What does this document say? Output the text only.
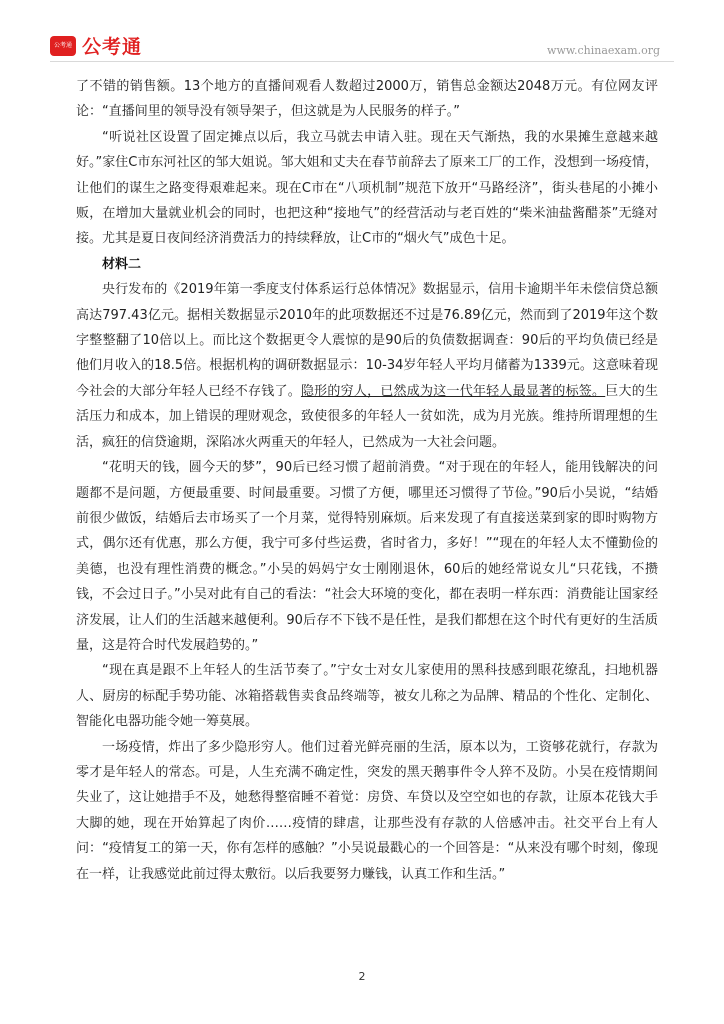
公考通 公考通	www.chinaexam.org

了不错的销售额。13个地方的直播间观看人数超过2000万，销售总金额达2048万元。有位网友评论：“直播间里的领导没有领导架子，但这就是为人民服务的样子。”

“听说社区设置了固定摊点以后，我立马就去申请入驻。现在天气渐热，我的水果摊生意越来越好。”家住C市东河社区的邹大姐说。邹大姐和丈夫在春节前辞去了原来工厂的工作，没想到一场疫情，让他们的谋生之路变得艰难起来。现在C市在“八项机制”规范下放开“马路经济”，街头巷尾的小摊小贩，在增加大量就业机会的同时，也把这种“接地气”的经营活动与老百姓的“柴米油盐酱醋茶”无缝对接。尤其是夏日夜间经济消费活力的持续释放，让C市的“烟火气”成色十足。

材料二

央行发布的《2019年第一季度支付体系运行总体情况》数据显示，信用卡逾期半年未偿信贷总额高达797.43亿元。据相关数据显示2010年的此项数据还不过是76.89亿元，然而到了2019年这个数字整整翻了10倍以上。而比这个数据更令人震惊的是90后的负债数据调查：90后的平均负债已经是他们月收入的18.5倍。根据机构的调研数据显示：10-34岁年轻人平均月储蓄为1339元。这意味着现今社会的大部分年轻人已经不存钱了。隐形的穷人，已然成为这一代年轻人最显著的标签。巨大的生活压力和成本，加上错误的理财观念，致使很多的年轻人一贫如洗，成为月光族。维持所谓理想的生活，疯狂的信贷逾期，深陷冰火两重天的年轻人，已然成为一大社会问题。

“花明天的钱，圆今天的梦”，90后已经习惯了超前消费。“对于现在的年轻人，能用钱解决的问题都不是问题，方便最重要、时间最重要。习惯了方便，哪里还习惯得了节俭。”90后小吴说，“结婚前很少做饭，结婚后去市场买了一个月菜，觉得特别麻烦。后来发现了有直接送菜到家的即时购物方式，偶尔还有优惠，那么方便，我宁可多付些运费，省时省力，多好！”“现在的年轻人太不懂勤俭的美德，也没有理性消费的概念。”小吴的妈妈宁女士刚刚退休，60后的她经常说女儿“只花钱，不攒钱，不会过日子。”小吴对此有自己的看法：“社会大环境的变化，都在表明一样东西：消费能让国家经济发展，让人们的生活越来越便利。90后存不下钱不是任性，是我们都想在这个时代有更好的生活质量，这是符合时代发展趋势的。”

“现在真是跟不上年轻人的生活节奏了。”宁女士对女儿家使用的黑科技感到眼花缭乱，扫地机器人、厨房的标配手势功能、冰箱搭载售卖食品终端等，被女儿称之为品牌、精品的个性化、定制化、智能化电器功能令她一筹莫展。

一场疫情，炸出了多少隐形穷人。他们过着光鲜亮丽的生活，原本以为，工资够花就行，存款为零才是年轻人的常态。可是，人生充满不确定性，突发的黑天鹅事件令人猝不及防。小吴在疫情期间失业了，这让她措手不及，她愁得整宿睡不着觉：房贷、车贷以及空空如也的存款，让原本花钱大手大脚的她，现在开始算起了肉价……疫情的肆虐，让那些没有存款的人倍感冲击。社交平台上有人问：“疫情复工的第一天，你有怎样的感触？”小吴说最戳心的一个回答是：“从来没有哪个时刻，像现在一样，让我感觉此前过得太敷衍。以后我要努力赚钱，认真工作和生活。”

2
